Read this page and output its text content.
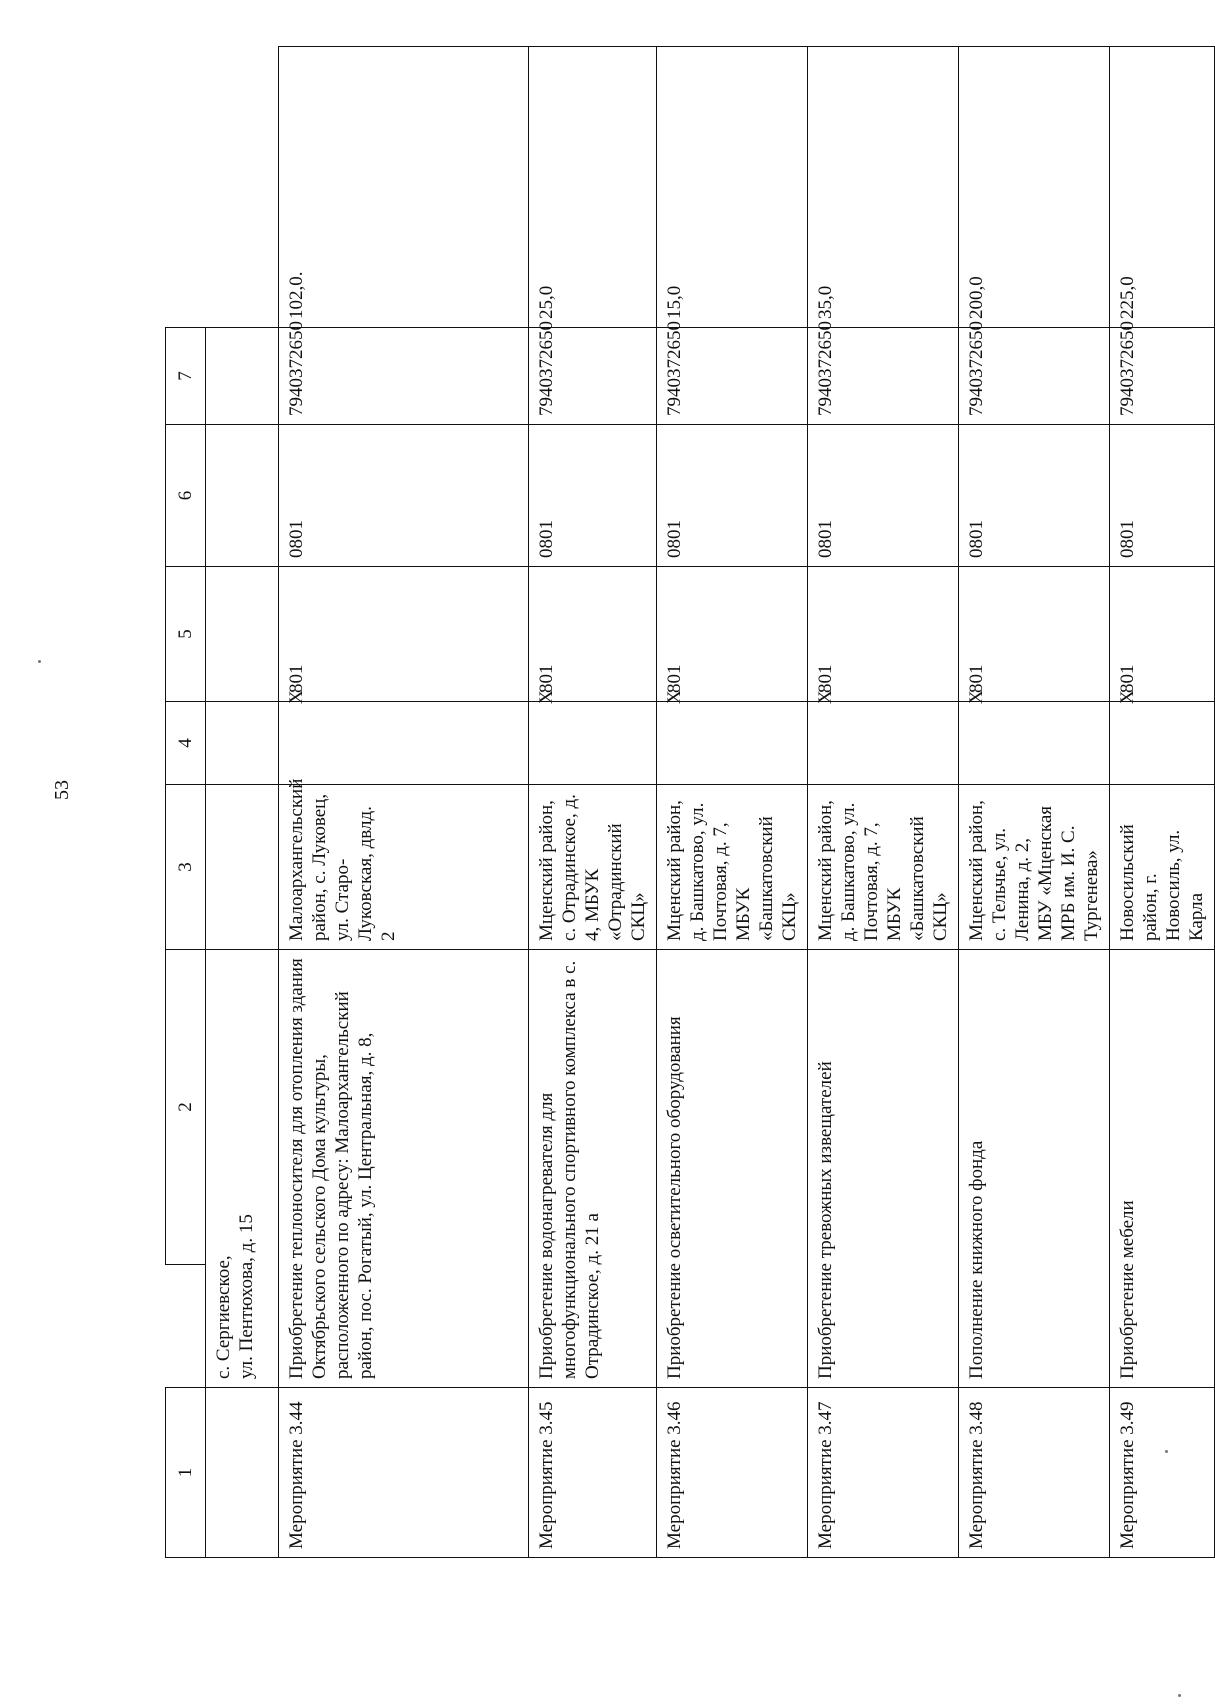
53
1		2	3	4	5	6	7	
	с. Сергиевское,
ул. Пентюхова, д. 15							
Мероприятие 3.44	Приобретение теплоносителя для отопления здания Октябрьского сельского Дома культуры, расположенного по адресу: Малоархангельский район, пос. Рогатый, ул. Центральная, д. 8,		Малоархангельский район, с. Луковец, ул. Старо-Луковская, двлд. 2	Х	801	0801	7940372650	102,0.
Мероприятие 3.45	Приобретение водонагревателя для многофункционального спортивного комплекса в с. Отрадинское, д. 21 а		Мценский район, с. Отрадинское, д. 4, МБУК «Отрадинский СКЦ»	Х	801	0801	7940372650	25,0
Мероприятие 3.46	Приобретение осветительного оборудования		Мценский район, д. Башкатово, ул. Почтовая, д. 7, МБУК «Башкатовский СКЦ»	Х	801	0801	7940372650	15,0
Мероприятие 3.47	Приобретение тревожных извещателей		Мценский район, д. Башкатово, ул. Почтовая, д. 7, МБУК «Башкатовский СКЦ»	Х	801	0801	7940372650	35,0
Мероприятие 3.48	Пополнение книжного фонда		Мценский район, с. Тельчье, ул. Ленина, д. 2, МБУ «Мценская МРБ им. И. С. Тургенева»	Х	801	0801	7940372650	200,0
Мероприятие 3.49	Приобретение мебели		Новосильский район, г. Новосиль, ул. Карла	Х	801	0801	7940372650	225,0
